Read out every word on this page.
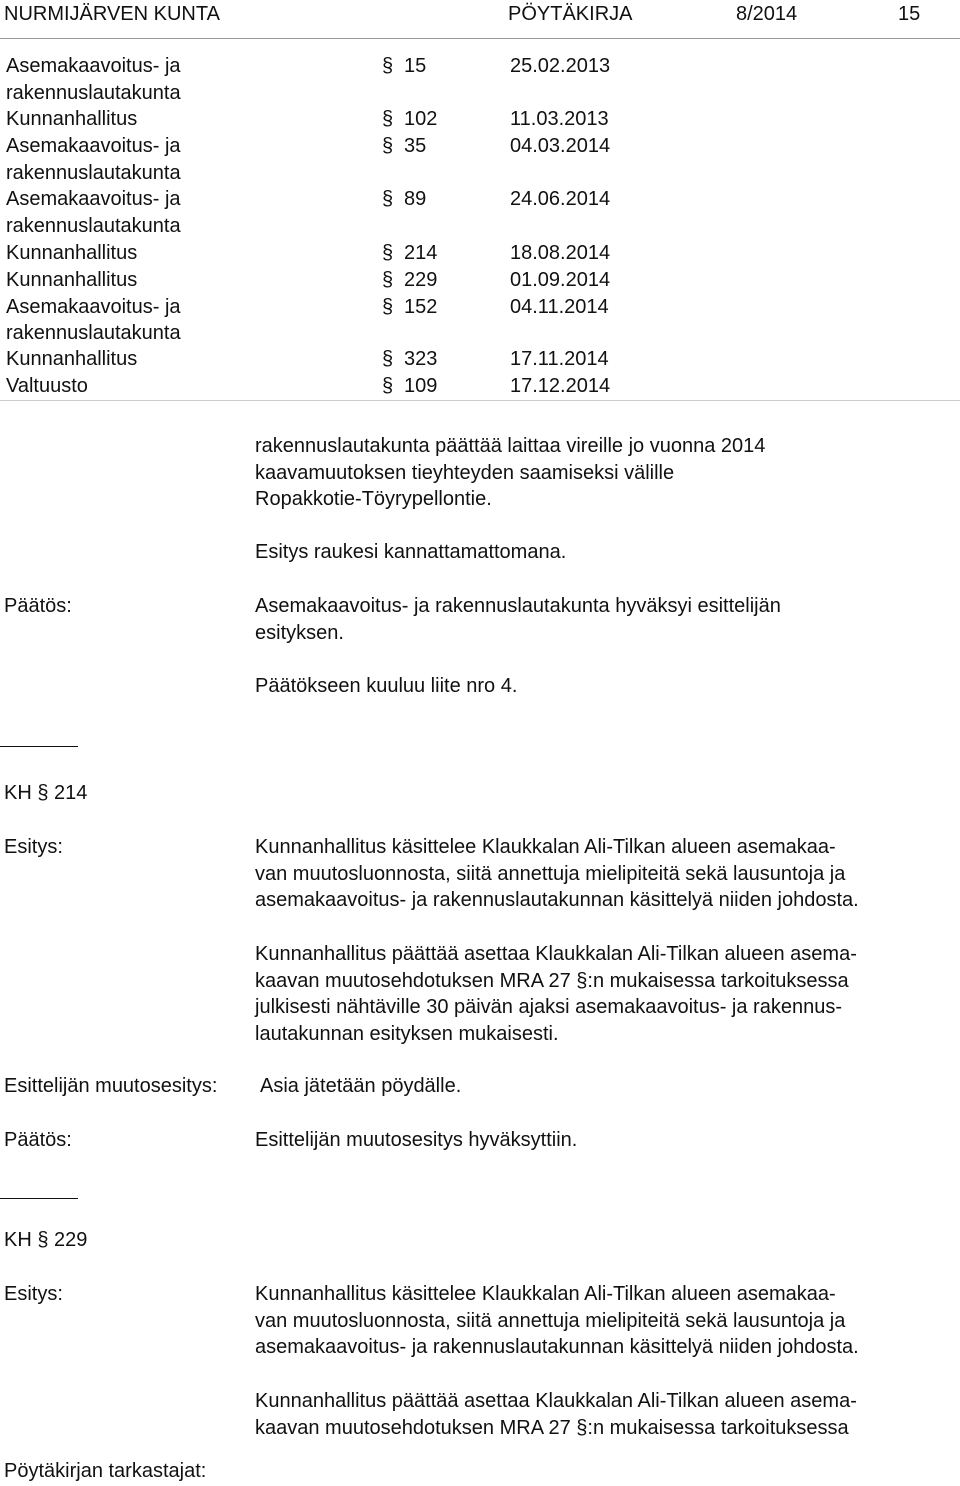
NURMIJÄRVEN KUNTA	PÖYTÄKIRJA	8/2014	15
Asemakaavoitus- ja	§ 15	25.02.2013
rakennuslautakunta
Kunnanhallitus	§ 102	11.03.2013
Asemakaavoitus- ja	§ 35	04.03.2014
rakennuslautakunta
Asemakaavoitus- ja	§ 89	24.06.2014
rakennuslautakunta
Kunnanhallitus	§ 214	18.08.2014
Kunnanhallitus	§ 229	01.09.2014
Asemakaavoitus- ja	§ 152	04.11.2014
rakennuslautakunta
Kunnanhallitus	§ 323	17.11.2014
Valtuusto	§ 109	17.12.2014
rakennuslautakunta päättää laittaa vireille jo vuonna 2014
kaavamuutoksen tieyhteyden saamiseksi välille
Ropakkotie-Töyrypellontie.
Esitys raukesi kannattamattomana.
Päätös:	Asemakaavoitus- ja rakennuslautakunta hyväksyi esittelijän
esityksen.
Päätökseen kuuluu liite nro 4.
KH § 214
Esitys:	Kunnanhallitus käsittelee Klaukkalan Ali-Tilkan alueen asemakaa-
van muutosluonnosta, siitä annettuja mielipiteitä sekä lausuntoja ja
asemakaavoitus- ja rakennuslautakunnan käsittelyä niiden johdosta.
Kunnanhallitus päättää asettaa Klaukkalan Ali-Tilkan alueen asema-
kaavan muutosehdotuksen MRA 27 §:n mukaisessa tarkoituksessa
julkisesti nähtäville 30 päivän ajaksi asemakaavoitus- ja rakennus-
lautakunnan esityksen mukaisesti.
Esittelijän muutosesitys: Asia jätetään pöydälle.
Päätös:	Esittelijän muutosesitys hyväksyttiin.
KH § 229
Esitys:	Kunnanhallitus käsittelee Klaukkalan Ali-Tilkan alueen asemakaa-
van muutosluonnosta, siitä annettuja mielipiteitä sekä lausuntoja ja
asemakaavoitus- ja rakennuslautakunnan käsittelyä niiden johdosta.
Kunnanhallitus päättää asettaa Klaukkalan Ali-Tilkan alueen asema-
kaavan muutosehdotuksen MRA 27 §:n mukaisessa tarkoituksessa
Pöytäkirjan tarkastajat:
